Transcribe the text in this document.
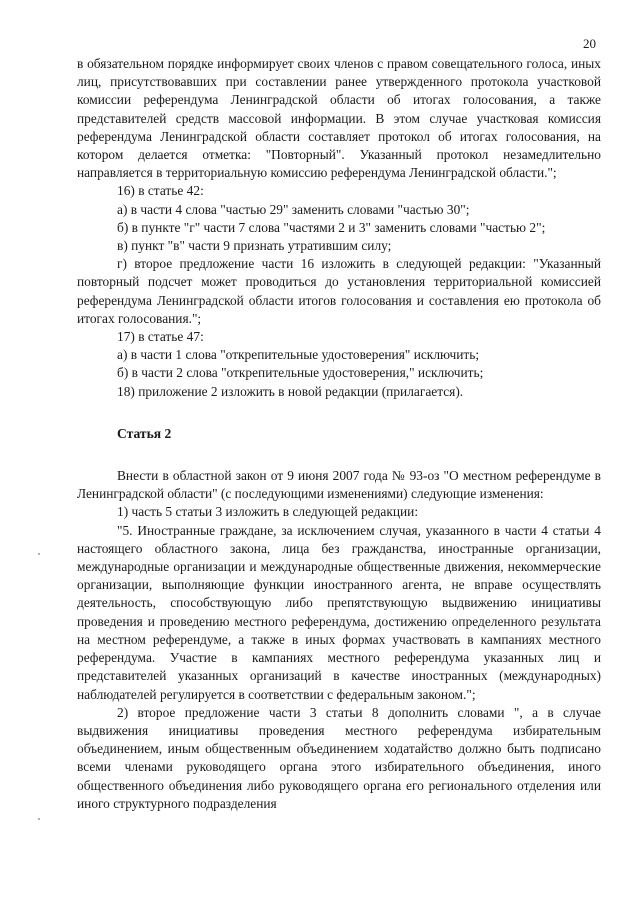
20

в обязательном порядке информирует своих членов с правом совещательного голоса, иных лиц, присутствовавших при составлении ранее утвержденного протокола участковой комиссии референдума Ленинградской области об итогах голосования, а также представителей средств массовой информации. В этом случае участковая комиссия референдума Ленинградской области составляет протокол об итогах голосования, на котором делается отметка: "Повторный". Указанный протокол незамедлительно направляется в территориальную комиссию референдума Ленинградской области.";

16) в статье 42:

а) в части 4 слова "частью 29" заменить словами "частью 30";

б) в пункте "г" части 7 слова "частями 2 и 3" заменить словами "частью 2";

в) пункт "в" части 9 признать утратившим силу;

г) второе предложение части 16 изложить в следующей редакции: "Указанный повторный подсчет может проводиться до установления территориальной комиссией референдума Ленинградской области итогов голосования и составления ею протокола об итогах голосования.";

17) в статье 47:

а) в части 1 слова "открепительные удостоверения" исключить;

б) в части 2 слова "открепительные удостоверения," исключить;

18) приложение 2 изложить в новой редакции (прилагается).

Статья 2

Внести в областной закон от 9 июня 2007 года № 93-оз "О местном референдуме в Ленинградской области" (с последующими изменениями) следующие изменения:

1) часть 5 статьи 3 изложить в следующей редакции:

"5. Иностранные граждане, за исключением случая, указанного в части 4 статьи 4 настоящего областного закона, лица без гражданства, иностранные организации, международные организации и международные общественные движения, некоммерческие организации, выполняющие функции иностранного агента, не вправе осуществлять деятельность, способствующую либо препятствующую выдвижению инициативы проведения и проведению местного референдума, достижению определенного результата на местном референдуме, а также в иных формах участвовать в кампаниях местного референдума. Участие в кампаниях местного референдума указанных лиц и представителей указанных организаций в качестве иностранных (международных) наблюдателей регулируется в соответствии с федеральным законом.";

2) второе предложение части 3 статьи 8 дополнить словами ", а в случае выдвижения инициативы проведения местного референдума избирательным объединением, иным общественным объединением ходатайство должно быть подписано всеми членами руководящего органа этого избирательного объединения, иного общественного объединения либо руководящего органа его регионального отделения или иного структурного подразделения
